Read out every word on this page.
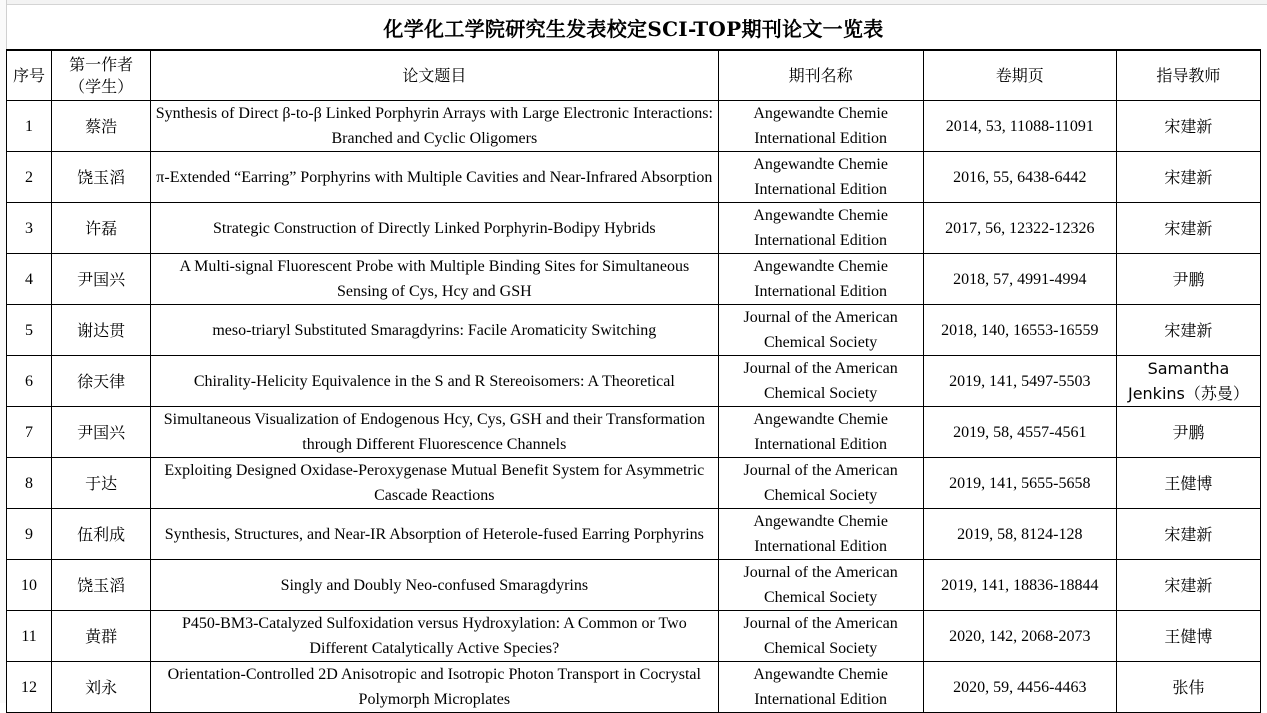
化学化工学院研究生发表校定SCI-TOP期刊论文一览表
序号	第一作者（学生）	论文题目	期刊名称	卷期页	指导教师
1	蔡浩	Synthesis of Direct β-to-β Linked Porphyrin Arrays with Large Electronic Interactions: Branched and Cyclic Oligomers	Angewandte Chemie International Edition	2014, 53, 11088-11091	宋建新
2	饶玉滔	π-Extended “Earring” Porphyrins with Multiple Cavities and Near-Infrared Absorption	Angewandte Chemie International Edition	2016, 55, 6438-6442	宋建新
3	许磊	Strategic Construction of Directly Linked Porphyrin-Bodipy Hybrids	Angewandte Chemie International Edition	2017, 56, 12322-12326	宋建新
4	尹国兴	A Multi-signal Fluorescent Probe with Multiple Binding Sites for Simultaneous Sensing of Cys, Hcy and GSH	Angewandte Chemie International Edition	2018, 57, 4991-4994	尹鹏
5	谢达贯	meso-triaryl Substituted Smaragdyrins: Facile Aromaticity Switching	Journal of the American Chemical Society	2018, 140, 16553-16559	宋建新
6	徐天律	Chirality-Helicity Equivalence in the S and R Stereoisomers: A Theoretical	Journal of the American Chemical Society	2019, 141, 5497-5503	Samantha Jenkins（苏曼）
7	尹国兴	Simultaneous Visualization of Endogenous Hcy, Cys, GSH and their Transformation through Different Fluorescence Channels	Angewandte Chemie International Edition	2019, 58, 4557-4561	尹鹏
8	于达	Exploiting Designed Oxidase-Peroxygenase Mutual Benefit System for Asymmetric Cascade Reactions	Journal of the American Chemical Society	2019, 141, 5655-5658	王健博
9	伍利成	Synthesis, Structures, and Near-IR Absorption of Heterole-fused Earring Porphyrins	Angewandte Chemie International Edition	2019, 58, 8124-128	宋建新
10	饶玉滔	Singly and Doubly Neo-confused Smaragdyrins	Journal of the American Chemical Society	2019, 141, 18836-18844	宋建新
11	黄群	P450-BM3-Catalyzed Sulfoxidation versus Hydroxylation: A Common or Two Different Catalytically Active Species?	Journal of the American Chemical Society	2020, 142, 2068-2073	王健博
12	刘永	Orientation-Controlled 2D Anisotropic and Isotropic Photon Transport in Cocrystal Polymorph Microplates	Angewandte Chemie International Edition	2020, 59, 4456-4463	张伟
